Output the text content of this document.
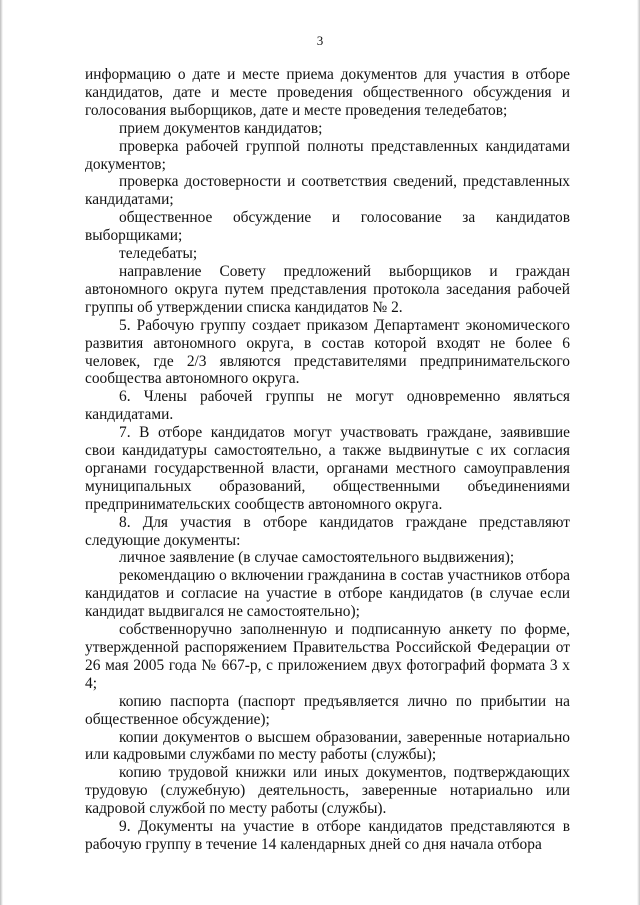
3

информацию о дате и месте приема документов для участия в отборе кандидатов, дате и месте проведения общественного обсуждения и голосования выборщиков, дате и месте проведения теледебатов;

прием документов кандидатов;

проверка рабочей группой полноты представленных кандидатами документов;

проверка достоверности и соответствия сведений, представленных кандидатами;

общественное обсуждение и голосование за кандидатов выборщиками;

теледебаты;

направление Совету предложений выборщиков и граждан автономного округа путем представления протокола заседания рабочей группы об утверждении списка кандидатов № 2.

5. Рабочую группу создает приказом Департамент экономического развития автономного округа, в состав которой входят не более 6 человек, где 2/3 являются представителями предпринимательского сообщества автономного округа.

6. Члены рабочей группы не могут одновременно являться кандидатами.

7. В отборе кандидатов могут участвовать граждане, заявившие свои кандидатуры самостоятельно, а также выдвинутые с их согласия органами государственной власти, органами местного самоуправления муниципальных образований, общественными объединениями предпринимательских сообществ автономного округа.

8. Для участия в отборе кандидатов граждане представляют следующие документы:

личное заявление (в случае самостоятельного выдвижения);

рекомендацию о включении гражданина в состав участников отбора кандидатов и согласие на участие в отборе кандидатов (в случае если кандидат выдвигался не самостоятельно);

собственноручно заполненную и подписанную анкету по форме, утвержденной распоряжением Правительства Российской Федерации от 26 мая 2005 года № 667-р, с приложением двух фотографий формата 3 х 4;

копию паспорта (паспорт предъявляется лично по прибытии на общественное обсуждение);

копии документов о высшем образовании, заверенные нотариально или кадровыми службами по месту работы (службы);

копию трудовой книжки или иных документов, подтверждающих трудовую (служебную) деятельность, заверенные нотариально или кадровой службой по месту работы (службы).

9. Документы на участие в отборе кандидатов представляются в рабочую группу в течение 14 календарных дней со дня начала отбора
